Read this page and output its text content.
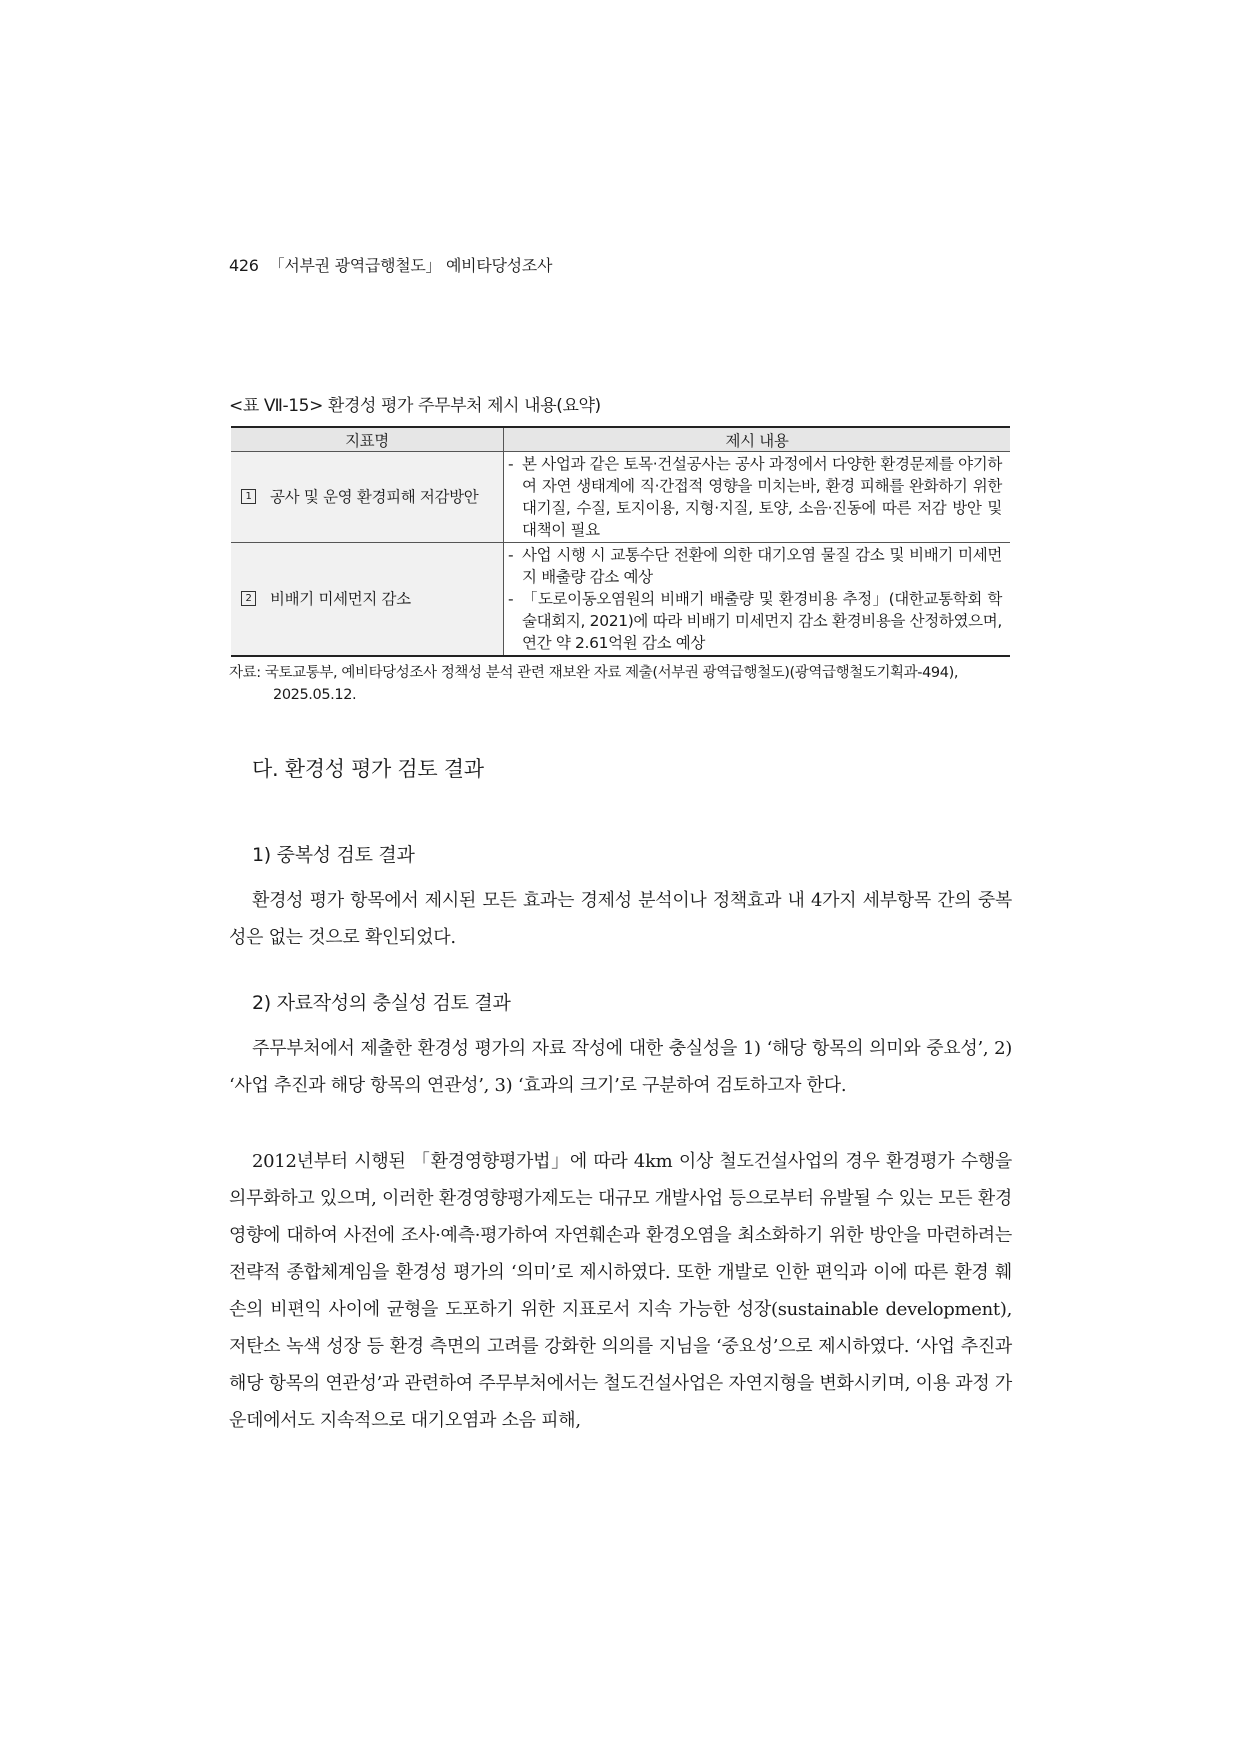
426 「서부권 광역급행철도」 예비타당성조사
<표 Ⅶ-15> 환경성 평가 주무부처 제시 내용(요약)
지표명	제시 내용
1 공사 및 운영 환경피해 저감방안	- 본 사업과 같은 토목·건설공사는 공사 과정에서 다양한 환경문제를 야기하여 자연 생태계에 직·간접적 영향을 미치는바, 환경 피해를 완화하기 위한 대기질, 수질, 토지이용, 지형·지질, 토양, 소음·진동에 따른 저감 방안 및 대책이 필요

2 비배기 미세먼지 감소	- 사업 시행 시 교통수단 전환에 의한 대기오염 물질 감소 및 비배기 미세먼지 배출량 감소 예상
- 「도로이동오염원의 비배기 배출량 및 환경비용 추정」(대한교통학회 학술대회지, 2021)에 따라 비배기 미세먼지 감소 환경비용을 산정하였으며, 연간 약 2.61억원 감소 예상
자료: 국토교통부, 예비타당성조사 정책성 분석 관련 재보완 자료 제출(서부권 광역급행철도)(광역급행철도기획과-494), 2025.05.12.
다. 환경성 평가 검토 결과
1) 중복성 검토 결과

환경성 평가 항목에서 제시된 모든 효과는 경제성 분석이나 정책효과 내 4가지 세부항목 간의 중복성은 없는 것으로 확인되었다.

2) 자료작성의 충실성 검토 결과

주무부처에서 제출한 환경성 평가의 자료 작성에 대한 충실성을 1) ‘해당 항목의 의미와 중요성’, 2) ‘사업 추진과 해당 항목의 연관성’, 3) ‘효과의 크기’로 구분하여 검토하고자 한다.

2012년부터 시행된 「환경영향평가법」에 따라 4km 이상 철도건설사업의 경우 환경평가 수행을 의무화하고 있으며, 이러한 환경영향평가제도는 대규모 개발사업 등으로부터 유발될 수 있는 모든 환경영향에 대하여 사전에 조사·예측·평가하여 자연훼손과 환경오염을 최소화하기 위한 방안을 마련하려는 전략적 종합체계임을 환경성 평가의 ‘의미’로 제시하였다. 또한 개발로 인한 편익과 이에 따른 환경 훼손의 비편익 사이에 균형을 도포하기 위한 지표로서 지속 가능한 성장(sustainable development), 저탄소 녹색 성장 등 환경 측면의 고려를 강화한 의의를 지님을 ‘중요성’으로 제시하였다. ‘사업 추진과 해당 항목의 연관성’과 관련하여 주무부처에서는 철도건설사업은 자연지형을 변화시키며, 이용 과정 가운데에서도 지속적으로 대기오염과 소음 피해,
